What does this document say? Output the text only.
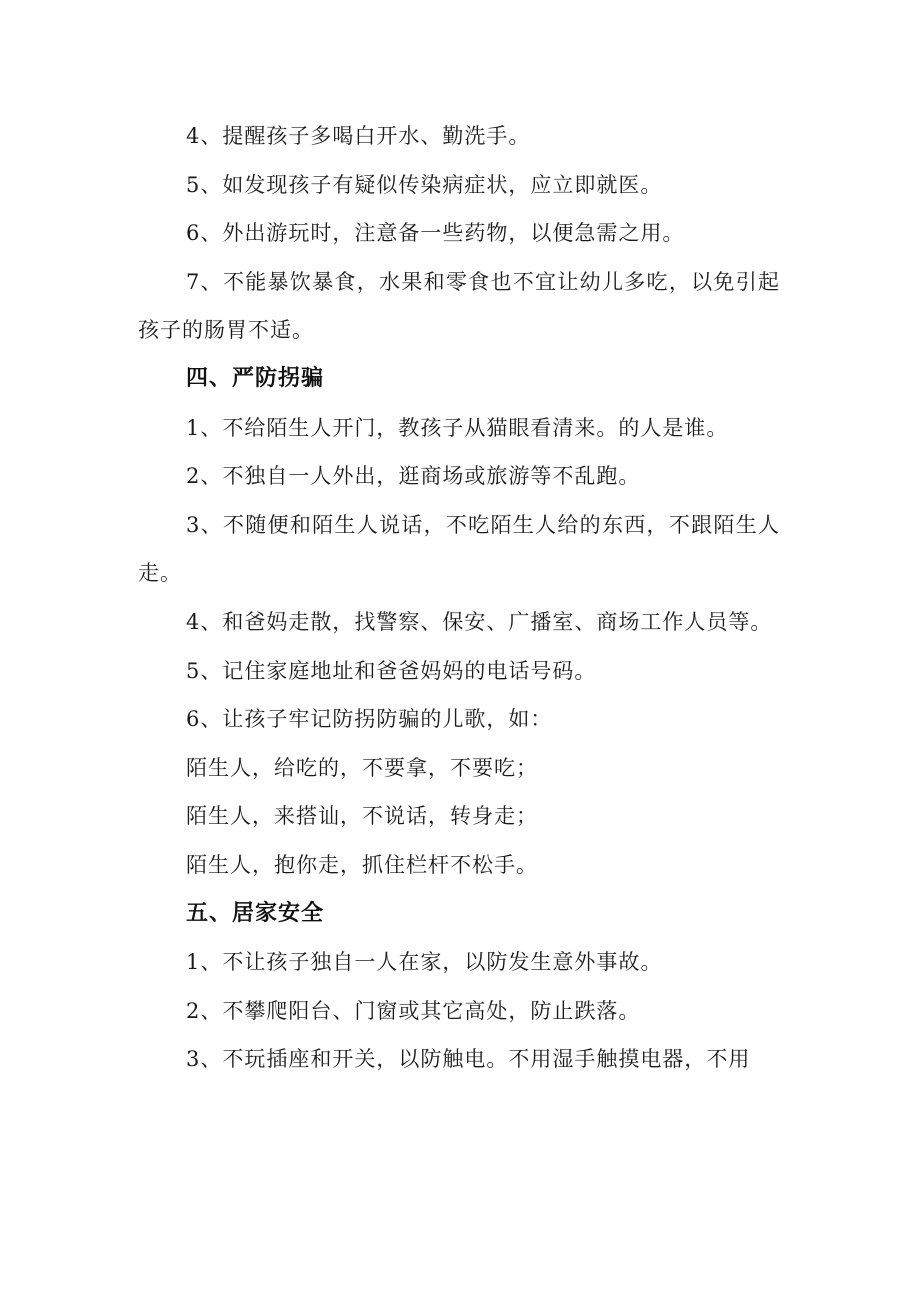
4、提醒孩子多喝白开水、勤洗手。

5、如发现孩子有疑似传染病症状，应立即就医。

6、外出游玩时，注意备一些药物，以便急需之用。

7、不能暴饮暴食，水果和零食也不宜让幼儿多吃，以免引起孩子的肠胃不适。

四、严防拐骗

1、不给陌生人开门，教孩子从猫眼看清来。的人是谁。

2、不独自一人外出，逛商场或旅游等不乱跑。

3、不随便和陌生人说话，不吃陌生人给的东西，不跟陌生人走。

4、和爸妈走散，找警察、保安、广播室、商场工作人员等。

5、记住家庭地址和爸爸妈妈的电话号码。

6、让孩子牢记防拐防骗的儿歌，如：

陌生人，给吃的，不要拿，不要吃；

陌生人，来搭讪，不说话，转身走；

陌生人，抱你走，抓住栏杆不松手。

五、居家安全

1、不让孩子独自一人在家，以防发生意外事故。

2、不攀爬阳台、门窗或其它高处，防止跌落。

3、不玩插座和开关，以防触电。不用湿手触摸电器，不用
